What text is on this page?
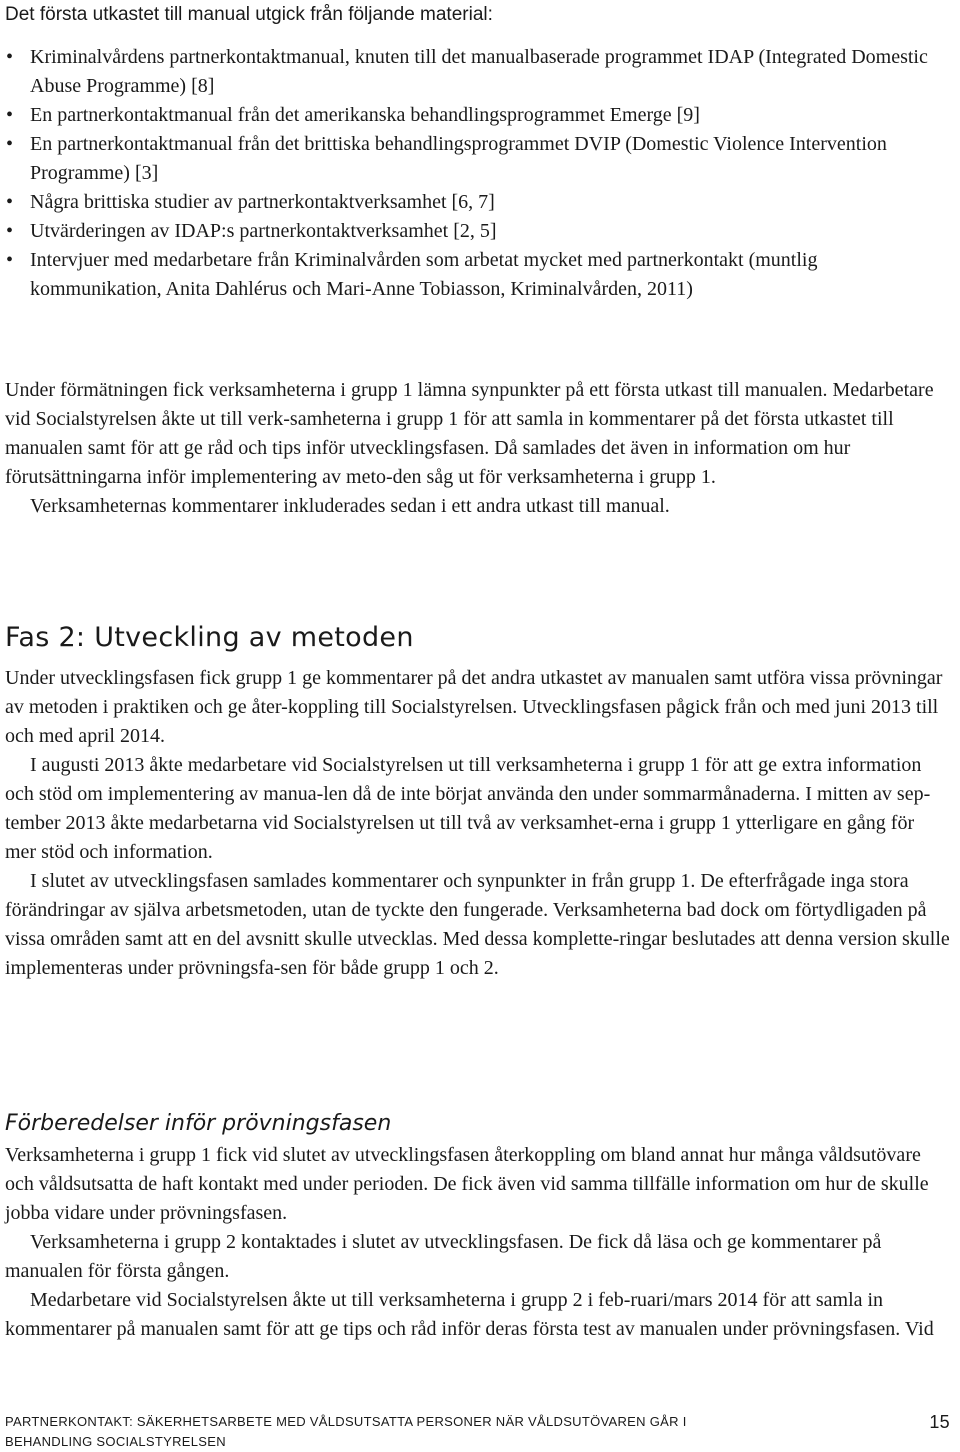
Det första utkastet till manual utgick från följande material:

• Kriminalvårdens partnerkontaktmanual, knuten till det manualbaserade programmet IDAP (Integrated Domestic Abuse Programme) [8]
• En partnerkontaktmanual från det amerikanska behandlingsprogrammet Emerge [9]
• En partnerkontaktmanual från det brittiska behandlingsprogrammet DVIP (Domestic Violence Intervention Programme) [3]
• Några brittiska studier av partnerkontaktverksamhet [6, 7]
• Utvärderingen av IDAP:s partnerkontaktverksamhet [2, 5]
• Intervjuer med medarbetare från Kriminalvården som arbetat mycket med partnerkontakt (muntlig kommunikation, Anita Dahlérus och Mari-Anne Tobiasson, Kriminalvården, 2011)

Under förmätningen fick verksamheterna i grupp 1 lämna synpunkter på ett första utkast till manualen. Medarbetare vid Socialstyrelsen åkte ut till verk-samheterna i grupp 1 för att samla in kommentarer på det första utkastet till manualen samt för att ge råd och tips inför utvecklingsfasen. Då samlades det även in information om hur förutsättningarna inför implementering av meto-den såg ut för verksamheterna i grupp 1.

Verksamheternas kommentarer inkluderades sedan i ett andra utkast till manual.

Fas 2: Utveckling av metoden

Under utvecklingsfasen fick grupp 1 ge kommentarer på det andra utkastet av manualen samt utföra vissa prövningar av metoden i praktiken och ge åter-koppling till Socialstyrelsen. Utvecklingsfasen pågick från och med juni 2013 till och med april 2014.

I augusti 2013 åkte medarbetare vid Socialstyrelsen ut till verksamheterna i grupp 1 för att ge extra information och stöd om implementering av manua-len då de inte börjat använda den under sommarmånaderna. I mitten av sep-tember 2013 åkte medarbetarna vid Socialstyrelsen ut till två av verksamhet-erna i grupp 1 ytterligare en gång för mer stöd och information.

I slutet av utvecklingsfasen samlades kommentarer och synpunkter in från grupp 1. De efterfrågade inga stora förändringar av själva arbetsmetoden, utan de tyckte den fungerade. Verksamheterna bad dock om förtydligaden på vissa områden samt att en del avsnitt skulle utvecklas. Med dessa komplette-ringar beslutades att denna version skulle implementeras under prövningsfa-sen för både grupp 1 och 2.

Förberedelser inför prövningsfasen

Verksamheterna i grupp 1 fick vid slutet av utvecklingsfasen återkoppling om bland annat hur många våldsutövare och våldsutsatta de haft kontakt med under perioden. De fick även vid samma tillfälle information om hur de skulle jobba vidare under prövningsfasen.

Verksamheterna i grupp 2 kontaktades i slutet av utvecklingsfasen. De fick då läsa och ge kommentarer på manualen för första gången.

Medarbetare vid Socialstyrelsen åkte ut till verksamheterna i grupp 2 i feb-ruari/mars 2014 för att samla in kommentarer på manualen samt för att ge tips och råd inför deras första test av manualen under prövningsfasen. Vid

PARTNERKONTAKT: SÄKERHETSARBETE MED VÅLDSUTSATTA PERSONER NÄR VÅLDSUTÖVAREN GÅR I BEHANDLING SOCIALSTYRELSEN
15
